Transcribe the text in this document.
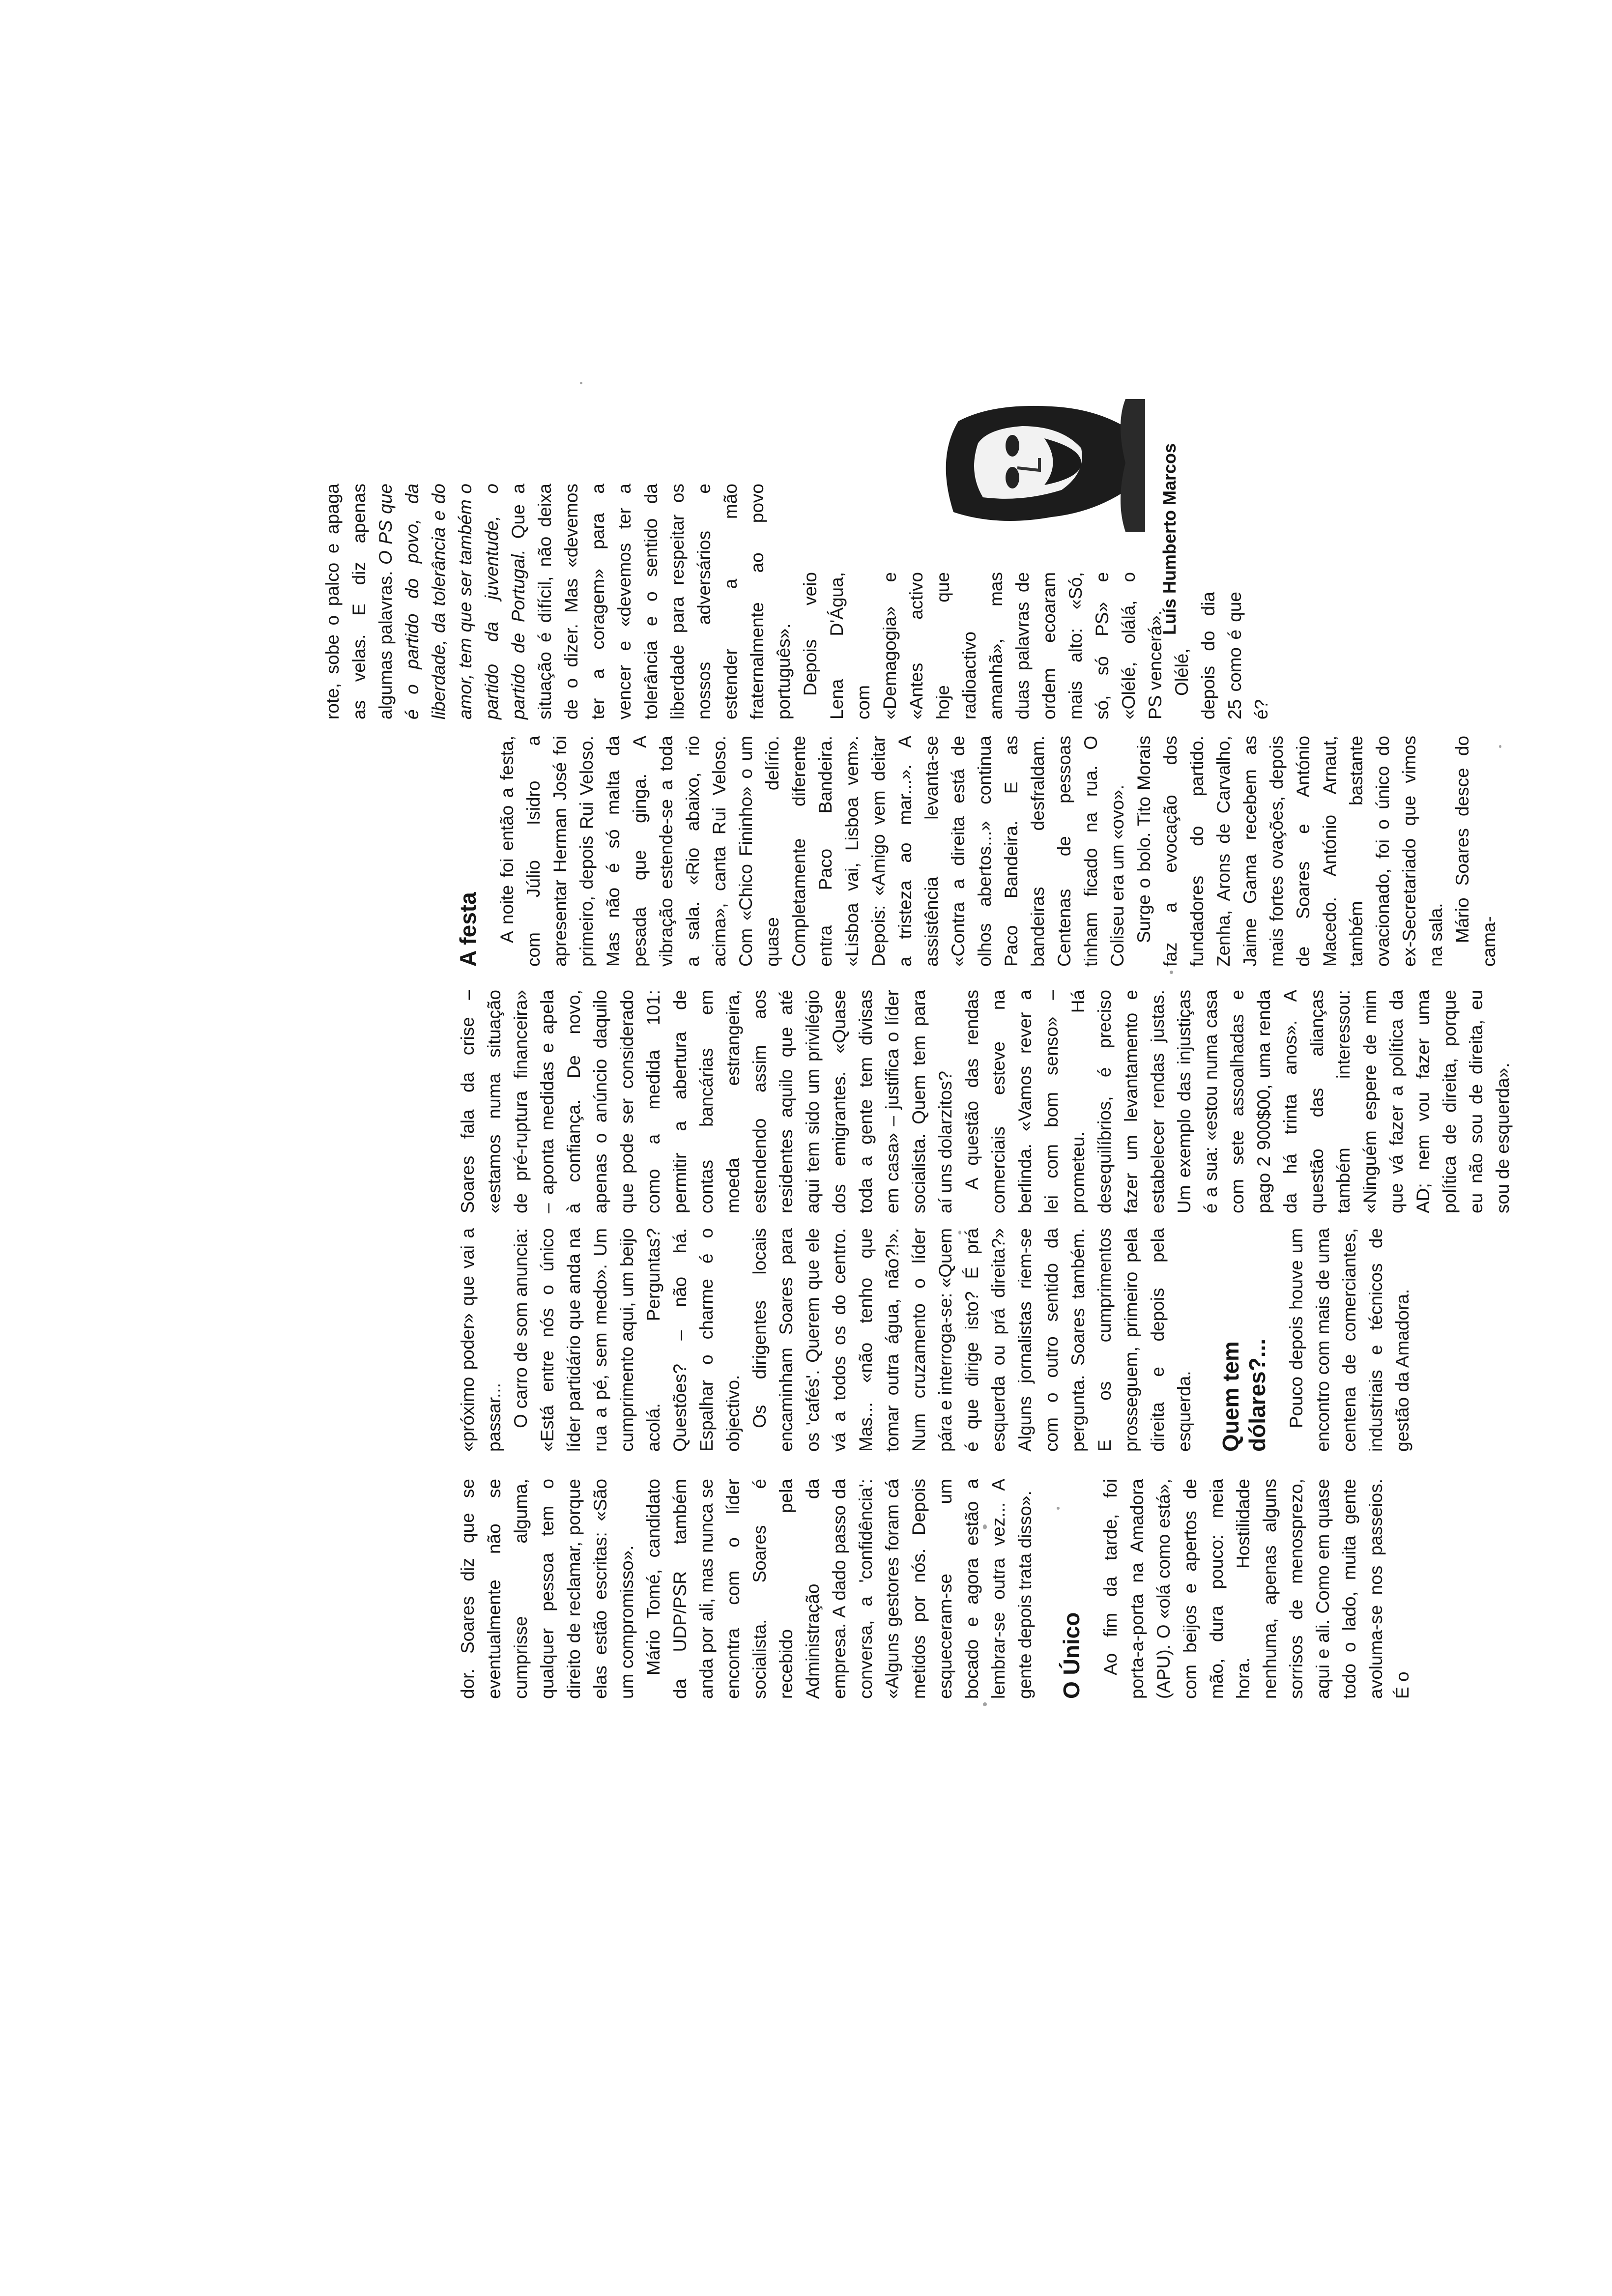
dor. Soares diz que se eventualmente não se cumprisse alguma, qualquer pessoa tem o direito de reclamar, porque elas estão escritas: «São um compromisso». Mário Tomé, candidato da UDP/PSR também anda por ali, mas nunca se encontra com o líder socialista. Soares é recebido pela Administração da empresa. A dado passo da conversa, a 'confidência': «Alguns gestores foram cá metidos por nós. Depois esqueceram-se um bocado e agora estão a lembrar-se outra vez... A gente depois trata disso». O Único Ao fim da tarde, foi porta-a-porta na Amadora (APU). O «olá como está», com beijos e apertos de mão, dura pouco: meia hora. Hostilidade nenhuma, apenas alguns sorrisos de menosprezo, aqui e ali. Como em quase todo o lado, muita gente avoluma-se nos passeios. É o

«próximo poder» que vai a passar... O carro de som anuncia: «Está entre nós o único líder partidário que anda na rua a pé, sem medo». Um cumprimento aqui, um beijo acolá. Perguntas? Questões? – não há. Espalhar o charme é o objectivo. Os dirigentes locais encaminham Soares para os 'cafés'. Querem que ele vá a todos os do centro. Mas... «não tenho que tomar outra água, não?!». Num cruzamento o líder pára e interroga-se: «Quem é que dirige isto? É prá esquerda ou prá direita?» Alguns jornalistas riem-se com o outro sentido da pergunta. Soares também. E os cumprimentos prosseguem, primeiro pela direita e depois pela esquerda. Quem tem dólares?... Pouco depois houve um encontro com mais de uma centena de comerciantes, industriais e técnicos de gestão da Amadora.

Soares fala da crise – «estamos numa situação de pré-ruptura financeira» – aponta medidas e apela à confiança. De novo, apenas o anúncio daquilo que pode ser considerado como a medida 101: permitir a abertura de contas bancárias em moeda estrangeira, estendendo assim aos residentes aquilo que até aqui tem sido um privilégio dos emigrantes. «Quase toda a gente tem divisas em casa» – justifica o líder socialista. Quem tem para aí uns dolarzitos? A questão das rendas comerciais esteve na berlinda. «Vamos rever a lei com bom senso» – prometeu. Há desequilíbrios, é preciso fazer um levantamento e estabelecer rendas justas. Um exemplo das injustiças é a sua: «estou numa casa com sete assoalhadas e pago 2 900$00, uma renda da há trinta anos». A questão das alianças também interessou: «Ninguém espere de mim que vá fazer a política da AD; nem vou fazer uma política de direita, porque eu não sou de direita, eu sou de esquerda».

A festa A noite foi então a festa, com Júlio Isidro a apresentar Herman José foi primeiro, depois Rui Veloso. Mas não é só malta da pesada que ginga. A vibração estende-se a toda a sala. «Rio abaixo, rio acima», canta Rui Veloso. Com «Chico Fininho» o um quase delírio. Completamente diferente entra Paco Bandeira. «Lisboa vai, Lisboa vem». Depois: «Amigo vem deitar a tristeza ao mar...». A assistência levanta-se «Contra a direita está de olhos abertos...» continua Paco Bandeira. E as bandeiras desfraldam. Centenas de pessoas tinham ficado na rua. O Coliseu era um «ovo». Surge o bolo. Tito Morais faz a evocação dos fundadores do partido. Zenha, Arons de Carvalho, Jaime Gama recebem as mais fortes ovações, depois de Soares e António Macedo. António Arnaut, também bastante ovacionado, foi o único do ex-Secretariado que vimos na sala. Mário Soares desce do cama-

rote, sobe o palco e apaga as velas. E diz apenas algumas palavras. O PS que é o partido do povo, da liberdade, da tolerância e do amor, tem que ser também o partido da juventude, o partido de Portugal. Que a situação é difícil, não deixa de o dizer. Mas «devemos ter a coragem» para a vencer e «devemos ter a tolerância e o sentido da liberdade para respeitar os nossos adversários e estender a mão fraternalmente ao povo português». Depois veio Lena D'Água, com «Demagogia» e «Antes activo hoje que radioactivo amanhã», mas duas palavras de ordem ecoaram mais alto: «Só, só, só PS» e «Olélé, olálá, o PS vencerá». Olélé, depois do dia 25 como é que é?

Luís Humberto Marcos
